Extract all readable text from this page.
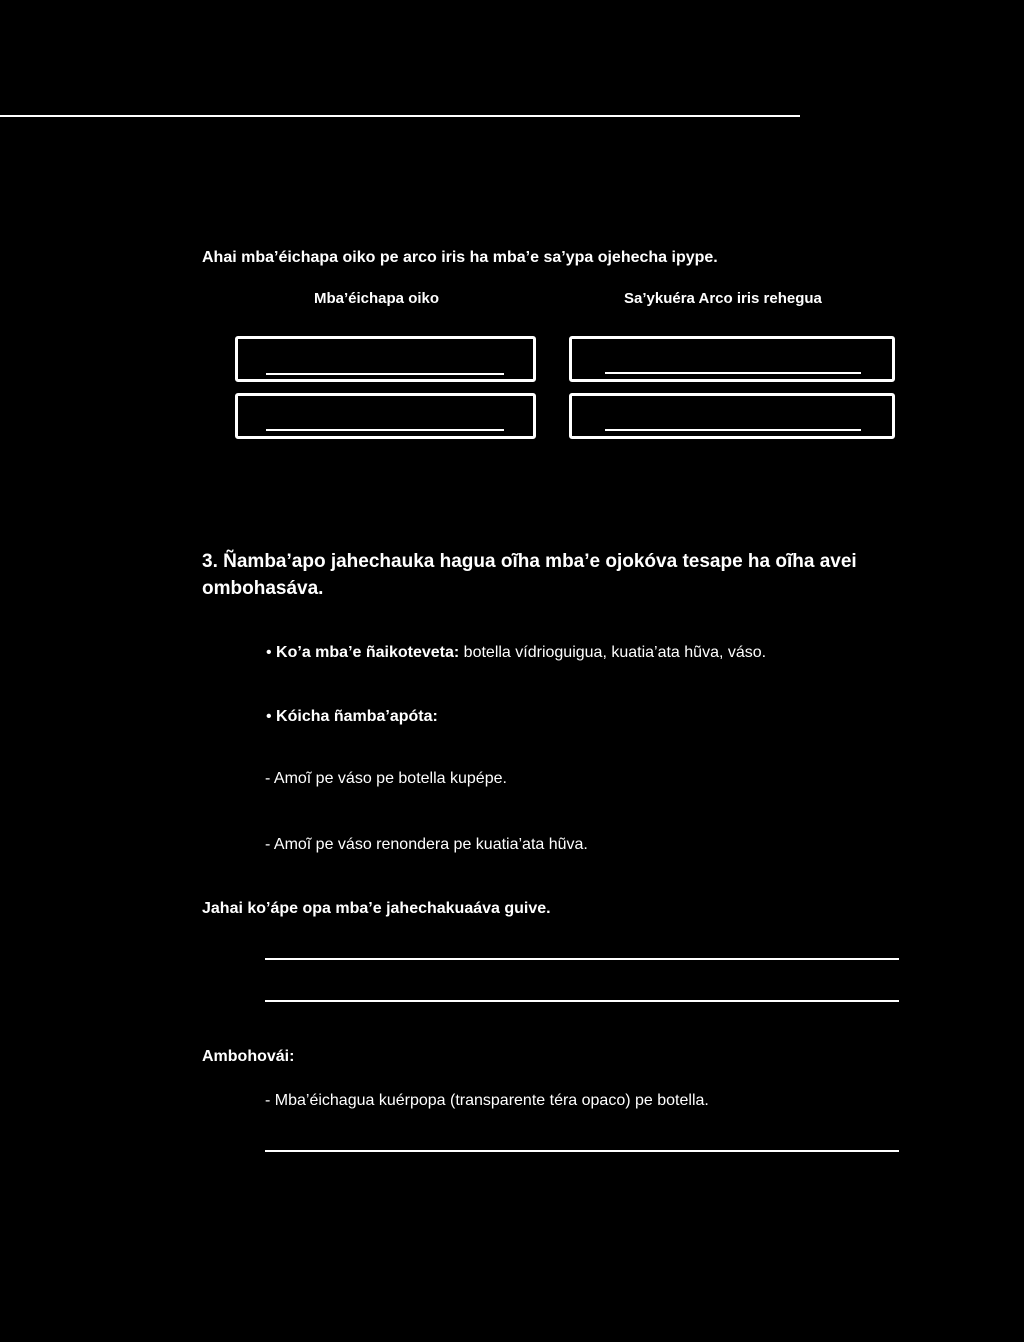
Ahai mba’éichapa oiko pe arco iris ha mba’e sa’ypa ojehecha ipype.
Mba’éichapa oiko	Sa’ykuéra Arco iris rehegua
3. Ñamba’apo jahechauka hagua oĩha mba’e ojokóva tesape ha oĩha avei ombohasáva.
• Ko’a mba’e ñaikoteveta: botella vídrioguigua, kuatia’ata hũva, váso.
• Kóicha ñamba’apóta:
- Amoĩ pe váso pe botella kupépe.
- Amoĩ pe váso renondera pe kuatia’ata hũva.
Jahai ko’ápe opa mba’e jahechakuaáva guive.
Ambohovái:
- Mba’éichagua kuérpopa (transparente téra opaco) pe botella.
